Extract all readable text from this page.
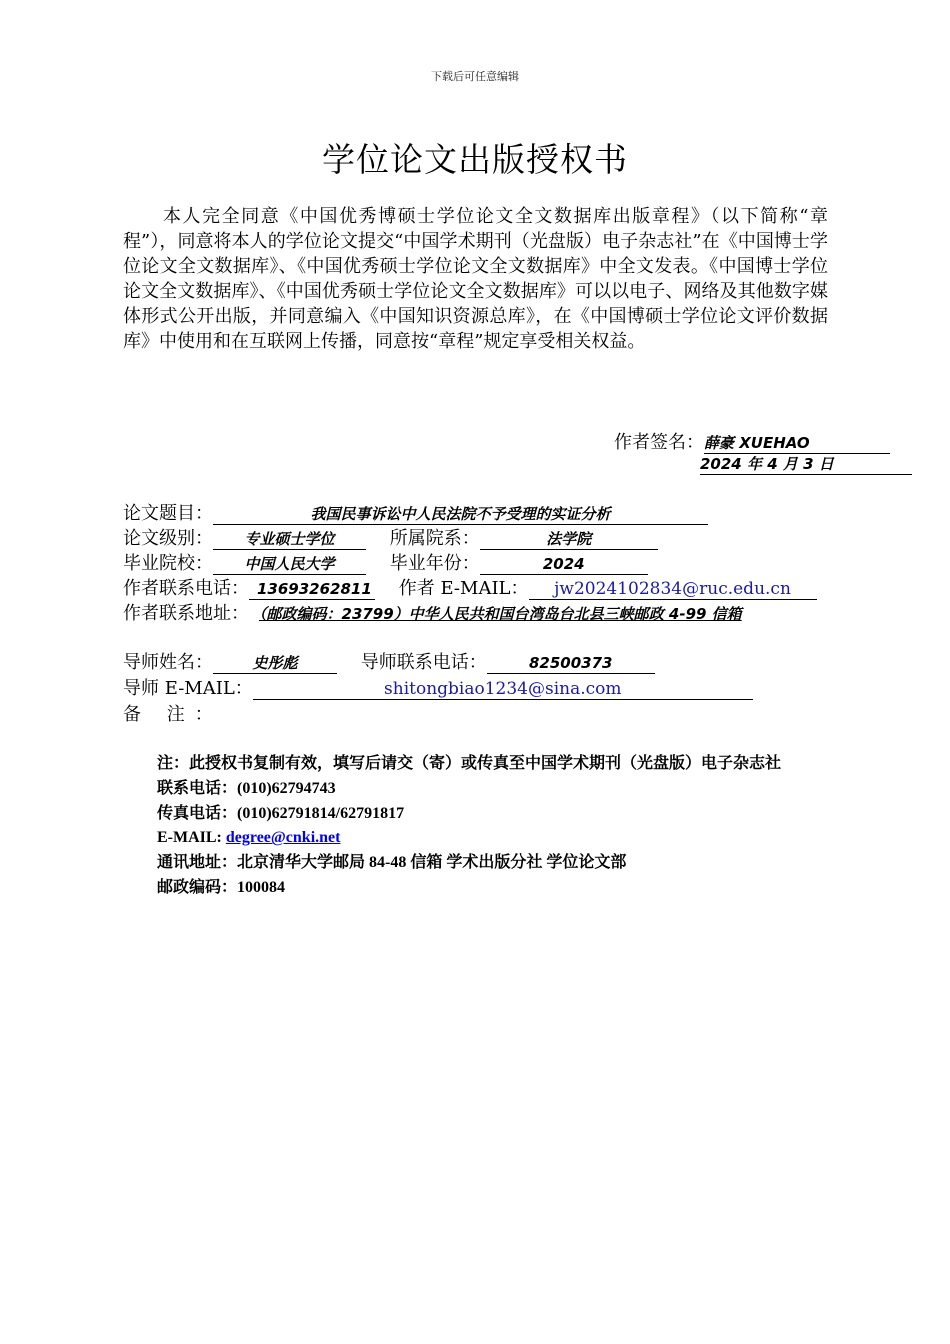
下载后可任意编辑
学位论文出版授权书
本人完全同意《中国优秀博硕士学位论文全文数据库出版章程》（以下简称“章程”），同意将本人的学位论文提交“中国学术期刊（光盘版）电子杂志社”在《中国博士学位论文全文数据库》、《中国优秀硕士学位论文全文数据库》中全文发表。《中国博士学位论文全文数据库》、《中国优秀硕士学位论文全文数据库》可以以电子、网络及其他数字媒体形式公开出版，并同意编入《中国知识资源总库》，在《中国博硕士学位论文评价数据库》中使用和在互联网上传播，同意按“章程”规定享受相关权益。
作者签名：薛豪 XUEHAO
2024 年 4 月 3 日
论文题目：	我国民事诉讼中人民法院不予受理的实证分析
论文级别： 专业硕士学位	所属院系：	法学院
毕业院校： 中国人民大学	毕业年份：	2024
作者联系电话： 13693262811 作者 E-MAIL： jw2024102834@ruc.edu.cn
作者联系地址： （邮政编码：23799）中华人民共和国台湾岛台北县三峡邮政 4-99 信箱
导师姓名：	史彤彪	导师联系电话：	82500373
导师 E-MAIL：	shitongbiao1234@sina.com
备 注：
注：此授权书复制有效，填写后请交（寄）或传真至中国学术期刊（光盘版）电子杂志社
联系电话：(010)62794743
传真电话：(010)62791814/62791817
E-MAIL: degree@cnki.net
通讯地址：北京清华大学邮局 84-48 信箱 学术出版分社 学位论文部
邮政编码：100084
